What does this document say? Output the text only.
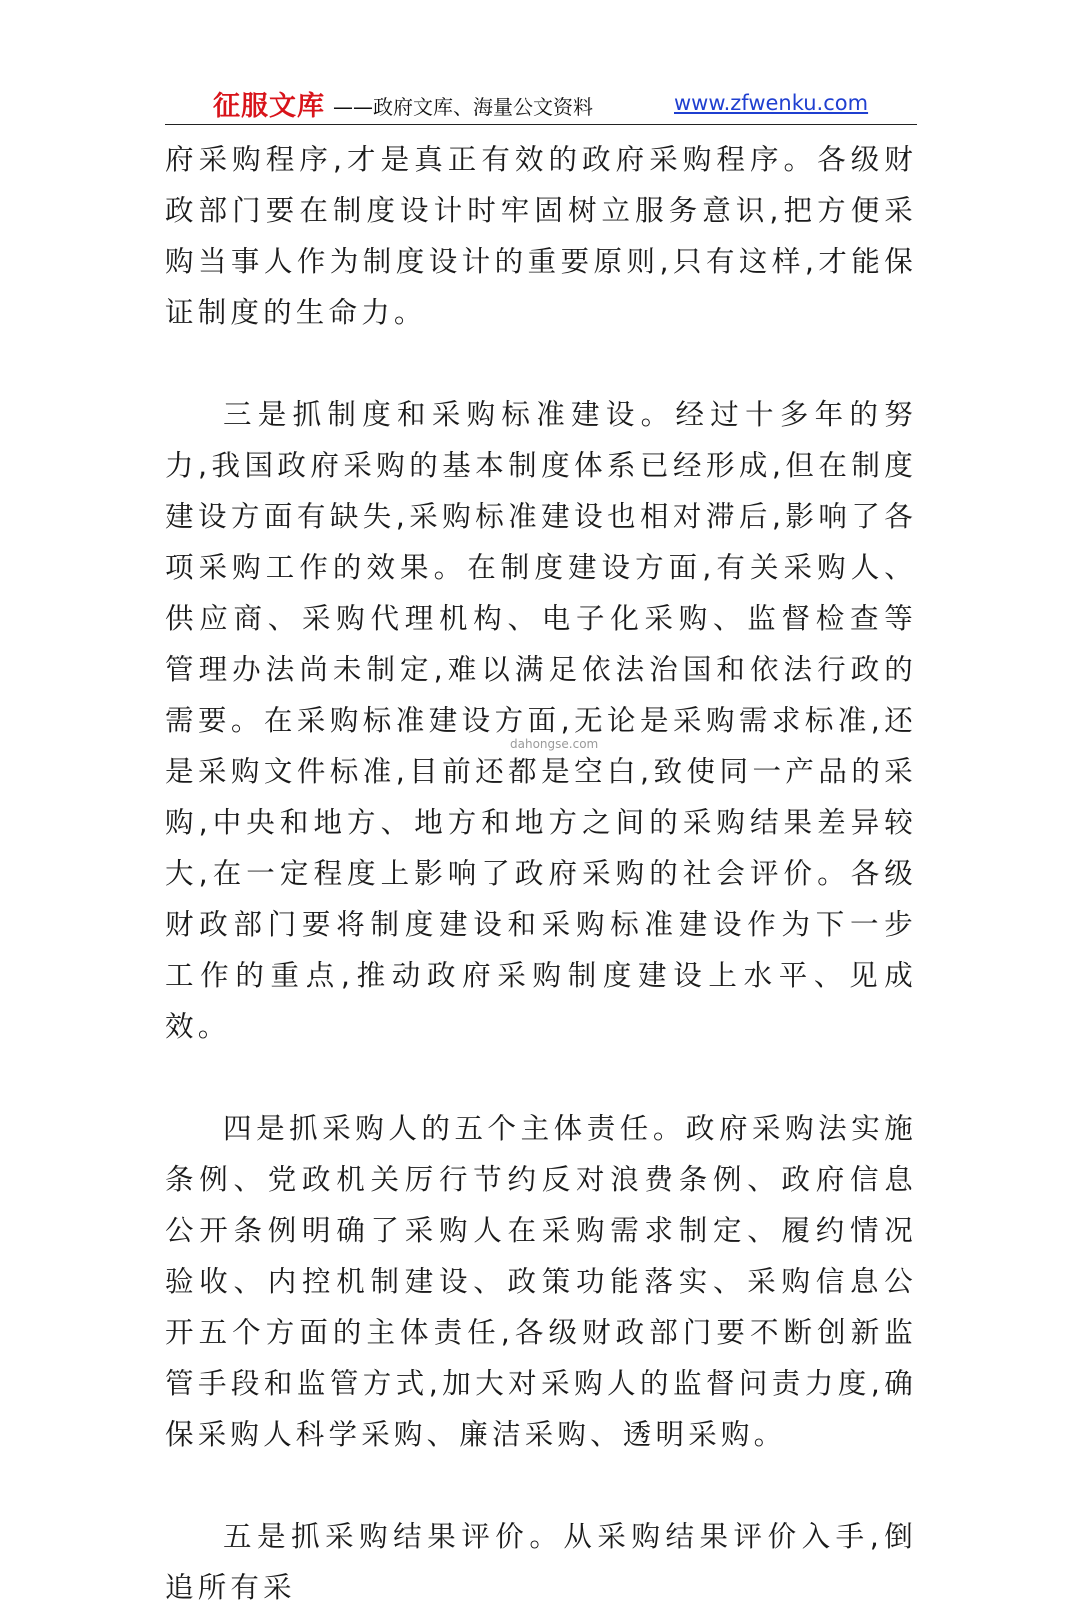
征服文库 ——政府文库、海量公文资料	www.zfwenku.com

府采购程序,才是真正有效的政府采购程序。各级财政部门要在制度设计时牢固树立服务意识,把方便采购当事人作为制度设计的重要原则,只有这样,才能保证制度的生命力。

三是抓制度和采购标准建设。经过十多年的努力,我国政府采购的基本制度体系已经形成,但在制度建设方面有缺失,采购标准建设也相对滞后,影响了各项采购工作的效果。在制度建设方面,有关采购人、供应商、采购代理机构、电子化采购、监督检查等管理办法尚未制定,难以满足依法治国和依法行政的需要。在采购标准建设方面,无论是采购需求标准,还是采购文件标准,目前还都是空白,致使同一产品的采购,中央和地方、地方和地方之间的采购结果差异较大,在一定程度上影响了政府采购的社会评价。各级财政部门要将制度建设和采购标准建设作为下一步工作的重点,推动政府采购制度建设上水平、见成效。

四是抓采购人的五个主体责任。政府采购法实施条例、党政机关厉行节约反对浪费条例、政府信息公开条例明确了采购人在采购需求制定、履约情况验收、内控机制建设、政策功能落实、采购信息公开五个方面的主体责任,各级财政部门要不断创新监管手段和监管方式,加大对采购人的监督问责力度,确保采购人科学采购、廉洁采购、透明采购。

五是抓采购结果评价。从采购结果评价入手,倒追所有采

dahongse.com
